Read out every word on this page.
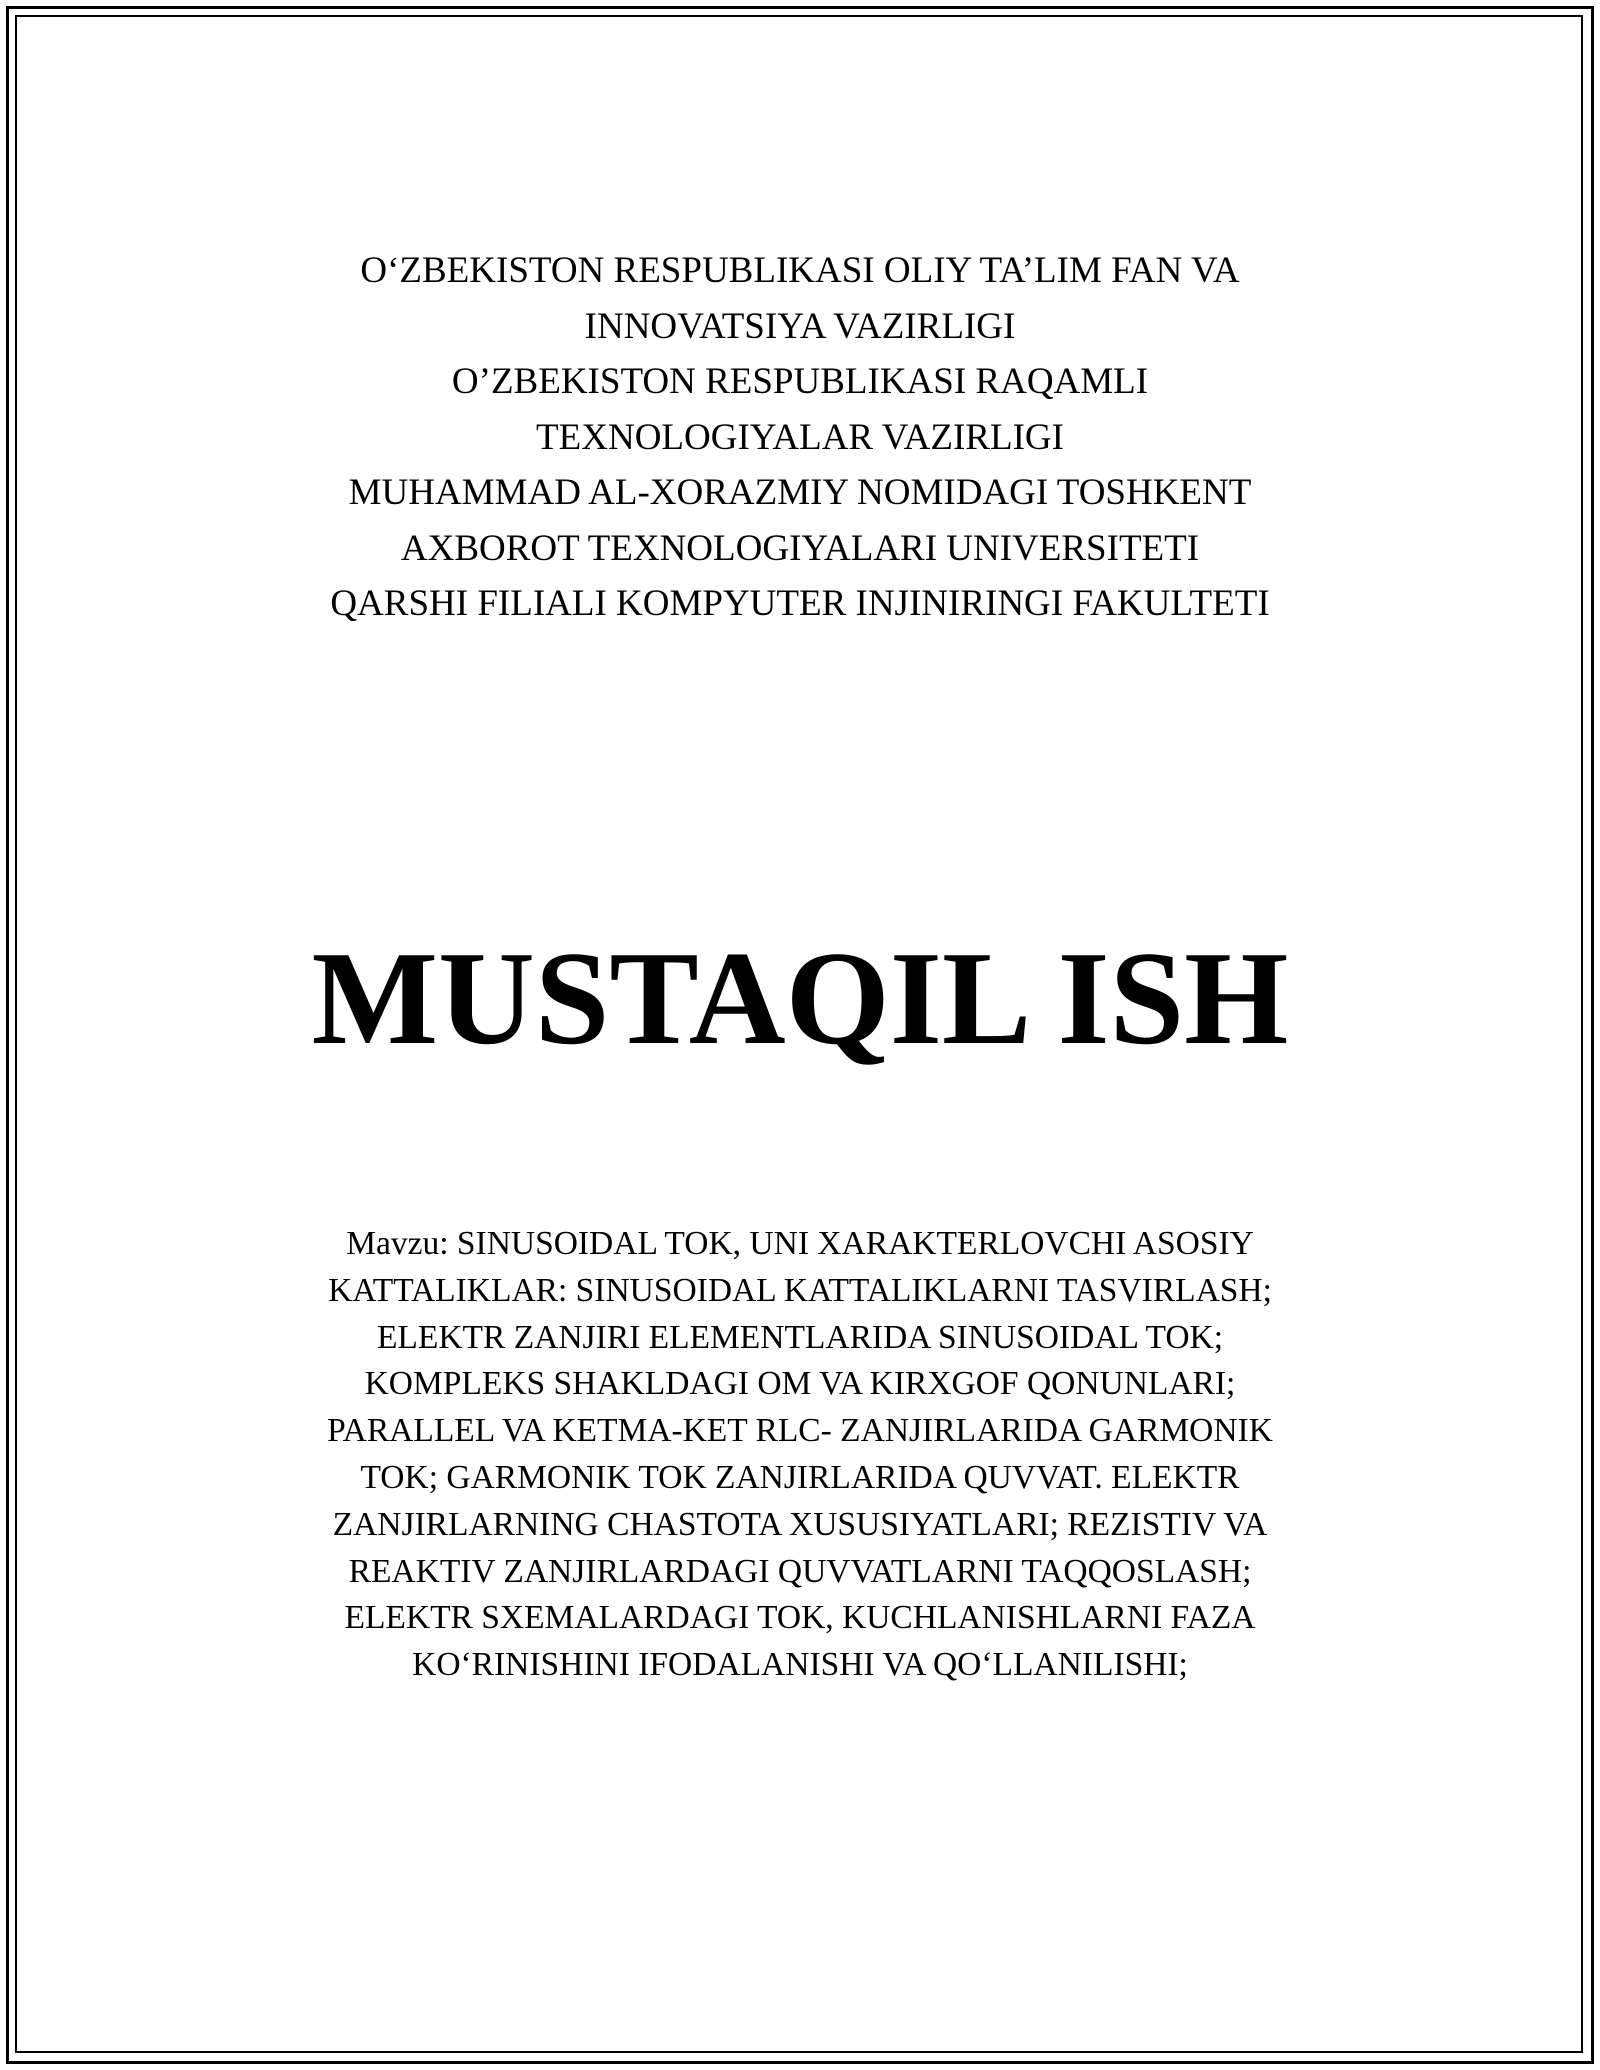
O‘ZBEKISTON RESPUBLIKASI OLIY TA’LIM FAN VA
INNOVATSIYA VAZIRLIGI
O’ZBEKISTON RESPUBLIKASI RAQAMLI
TEXNOLOGIYALAR VAZIRLIGI
MUHAMMAD AL-XORAZMIY NOMIDAGI TOSHKENT
AXBOROT TEXNOLOGIYALARI UNIVERSITETI
QARSHI FILIALI KOMPYUTER INJINIRINGI FAKULTETI
MUSTAQIL ISH
Mavzu: SINUSOIDAL TOK, UNI XARAKTERLOVCHI ASOSIY
KATTALIKLAR: SINUSOIDAL KATTALIKLARNI TASVIRLASH;
ELEKTR ZANJIRI ELEMENTLARIDA SINUSOIDAL TOK;
KOMPLEKS SHAKLDAGI OM VA KIRXGOF QONUNLARI;
PARALLEL VA KETMA-KET RLC- ZANJIRLARIDA GARMONIK
TOK; GARMONIK TOK ZANJIRLARIDA QUVVAT. ELEKTR
ZANJIRLARNING CHASTOTA XUSUSIYATLARI; REZISTIV VA
REAKTIV ZANJIRLARDAGI QUVVATLARNI TAQQOSLASH;
ELEKTR SXEMALARDAGI TOK, KUCHLANISHLARNI FAZA
KO‘RINISHINI IFODALANISHI VA QO‘LLANILISHI;
